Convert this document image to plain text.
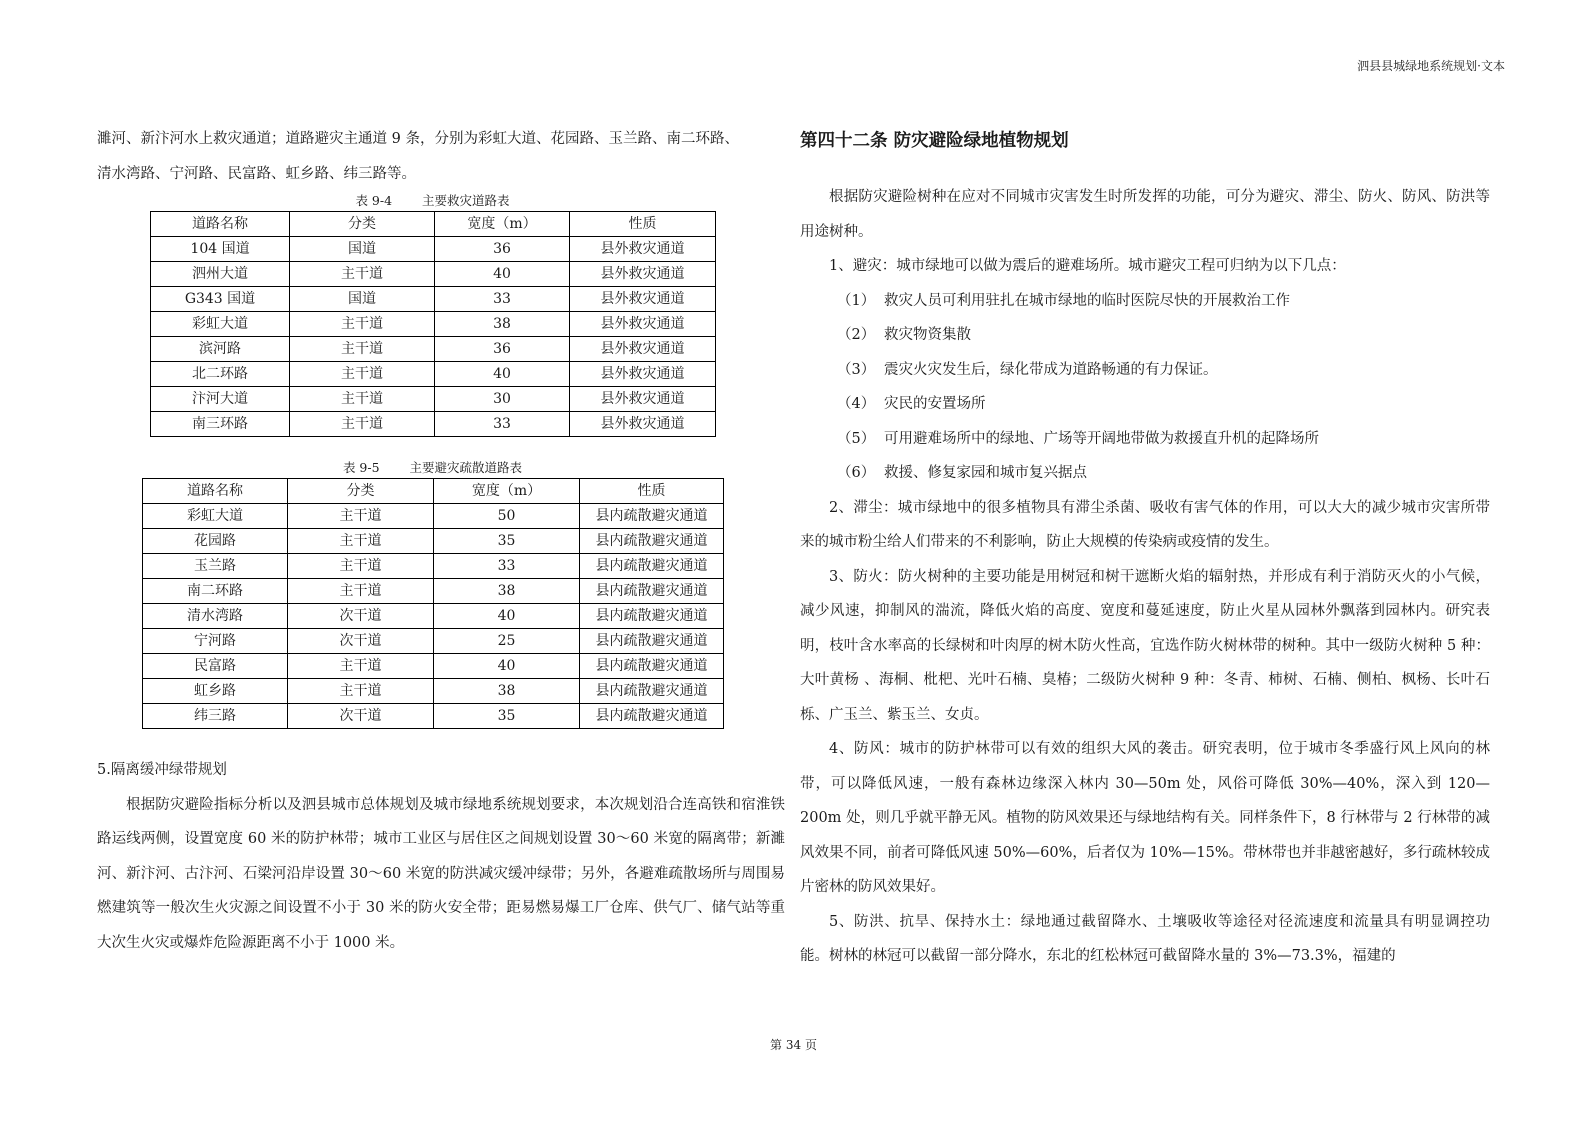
泗县县城绿地系统规划·文本

濉河、新汴河水上救灾通道；道路避灾主通道 9 条，分别为彩虹大道、花园路、玉兰路、南二环路、

清水湾路、宁河路、民富路、虹乡路、纬三路等。

表 9-4 主要救灾道路表
道路名称	分类	宽度（m）	性质
104 国道	国道	36	县外救灾通道
泗州大道	主干道	40	县外救灾通道
G343 国道	国道	33	县外救灾通道
彩虹大道	主干道	38	县外救灾通道
滨河路	主干道	36	县外救灾通道
北二环路	主干道	40	县外救灾通道
汴河大道	主干道	30	县外救灾通道
南三环路	主干道	33	县外救灾通道
表 9-5 主要避灾疏散道路表
道路名称	分类	宽度（m）	性质
彩虹大道	主干道	50	县内疏散避灾通道
花园路	主干道	35	县内疏散避灾通道
玉兰路	主干道	33	县内疏散避灾通道
南二环路	主干道	38	县内疏散避灾通道
清水湾路	次干道	40	县内疏散避灾通道
宁河路	次干道	25	县内疏散避灾通道
民富路	主干道	40	县内疏散避灾通道
虹乡路	主干道	38	县内疏散避灾通道
纬三路	次干道	35	县内疏散避灾通道

5.隔离缓冲绿带规划

根据防灾避险指标分析以及泗县城市总体规划及城市绿地系统规划要求，本次规划沿合连高铁和宿淮铁路运线两侧，设置宽度 60 米的防护林带；城市工业区与居住区之间规划设置 30～60 米宽的隔离带；新濉河、新汴河、古汴河、石梁河沿岸设置 30～60 米宽的防洪减灾缓冲绿带；另外，各避难疏散场所与周围易燃建筑等一般次生火灾源之间设置不小于 30 米的防火安全带；距易燃易爆工厂仓库、供气厂、储气站等重大次生火灾或爆炸危险源距离不小于 1000 米。

第四十二条 防灾避险绿地植物规划

根据防灾避险树种在应对不同城市灾害发生时所发挥的功能，可分为避灾、滞尘、防火、防风、防洪等用途树种。

1、避灾：城市绿地可以做为震后的避难场所。城市避灾工程可归纳为以下几点：

（1） 救灾人员可利用驻扎在城市绿地的临时医院尽快的开展救治工作

（2） 救灾物资集散

（3） 震灾火灾发生后，绿化带成为道路畅通的有力保证。

（4） 灾民的安置场所

（5） 可用避难场所中的绿地、广场等开阔地带做为救援直升机的起降场所

（6） 救援、修复家园和城市复兴据点

2、滞尘：城市绿地中的很多植物具有滞尘杀菌、吸收有害气体的作用，可以大大的减少城市灾害所带来的城市粉尘给人们带来的不利影响，防止大规模的传染病或疫情的发生。

3、防火：防火树种的主要功能是用树冠和树干遮断火焰的辐射热，并形成有利于消防灭火的小气候，减少风速，抑制风的湍流，降低火焰的高度、宽度和蔓延速度，防止火星从园林外飘落到园林内。研究表明，枝叶含水率高的长绿树和叶肉厚的树木防火性高，宜选作防火树林带的树种。其中一级防火树种 5 种：大叶黄杨 、海桐、枇杷、光叶石楠、臭椿；二级防火树种 9 种：冬青、柿树、石楠、侧柏、枫杨、长叶石栎、广玉兰、紫玉兰、女贞。

4、防风：城市的防护林带可以有效的组织大风的袭击。研究表明，位于城市冬季盛行风上风向的林带，可以降低风速，一般有森林边缘深入林内 30—50m 处，风俗可降低 30%—40%，深入到 120—200m 处，则几乎就平静无风。植物的防风效果还与绿地结构有关。同样条件下，8 行林带与 2 行林带的减风效果不同，前者可降低风速 50%—60%，后者仅为 10%—15%。带林带也并非越密越好，多行疏林较成片密林的防风效果好。

5、防洪、抗旱、保持水土：绿地通过截留降水、土壤吸收等途径对径流速度和流量具有明显调控功能。树林的林冠可以截留一部分降水，东北的红松林冠可截留降水量的 3%—73.3%，福建的

第 34 页
